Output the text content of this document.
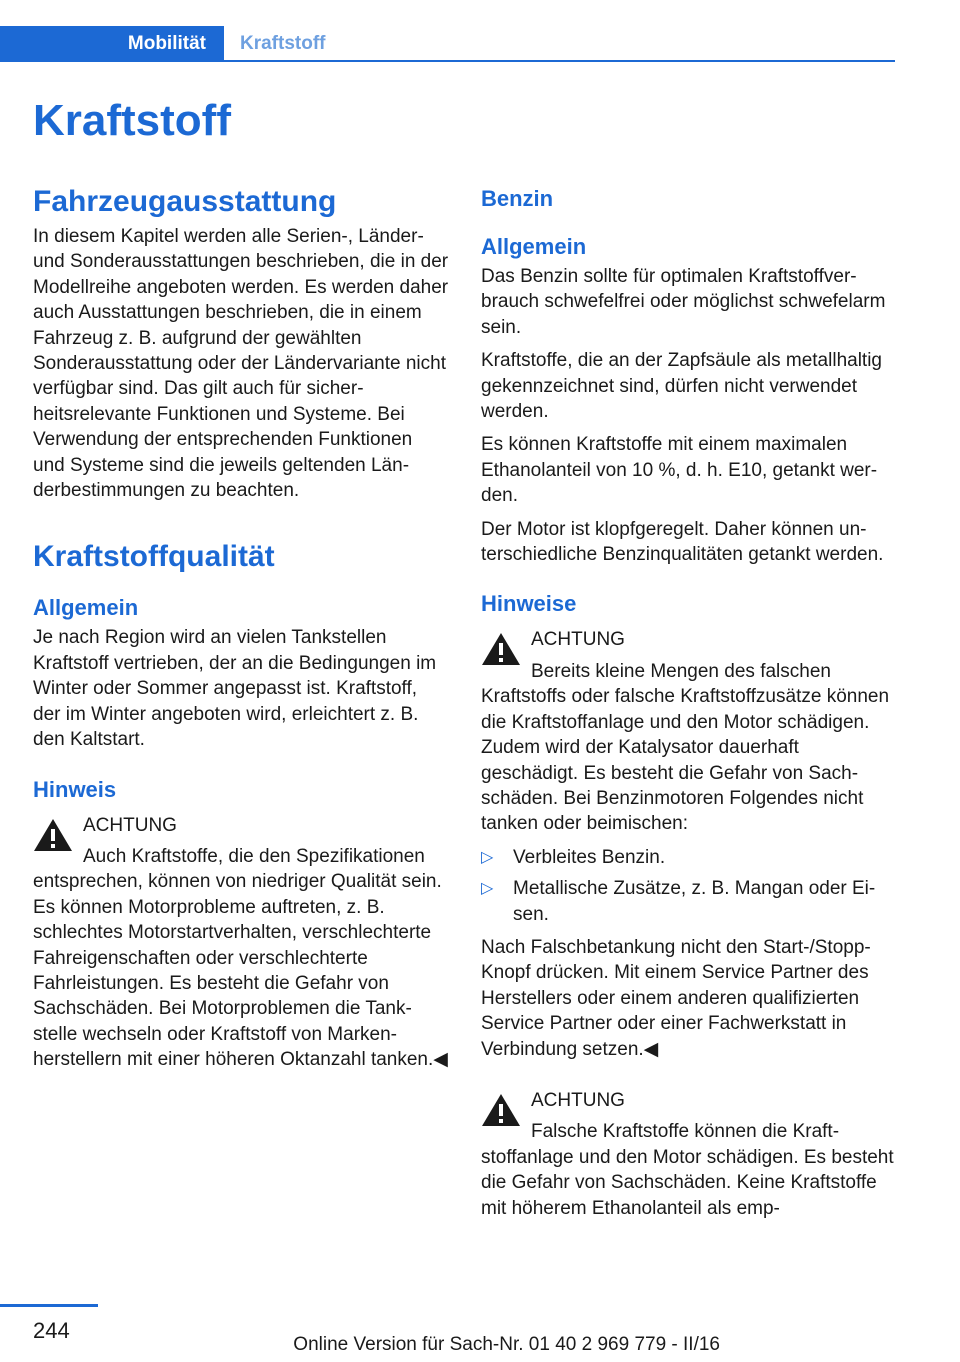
Mobilität	Kraftstoff
Kraftstoff
Fahrzeugausstattung

In diesem Kapitel werden alle Serien-, Länder- und Sonderausstattungen beschrieben, die in der Modellreihe angeboten werden. Es werden daher auch Ausstattungen beschrieben, die in einem Fahrzeug z. B. aufgrund der gewählten Sonderausstattung oder der Ländervariante nicht verfügbar sind. Das gilt auch für sicherheitsrelevante Funktionen und Systeme. Bei Verwendung der entsprechenden Funktionen und Systeme sind die jeweils geltenden Länderbestimmungen zu beachten.

Kraftstoffqualität
Allgemein

Je nach Region wird an vielen Tankstellen Kraftstoff vertrieben, der an die Bedingungen im Winter oder Sommer angepasst ist. Kraftstoff, der im Winter angeboten wird, erleichtert z. B. den Kaltstart.

Hinweis
ACHTUNG

Auch Kraftstoffe, die den Spezifikationen entsprechen, können von niedriger Qualität sein. Es können Motorprobleme auftreten, z. B. schlechtes Motorstartverhalten, verschlechterte Fahreigenschaften oder verschlechterte Fahrleistungen. Es besteht die Gefahr von Sachschäden. Bei Motorproblemen die Tankstelle wechseln oder Kraftstoff von Markenherstellern mit einer höheren Oktanzahl tanken.◀

Benzin
Allgemein

Das Benzin sollte für optimalen Kraftstoffverbrauch schwefelfrei oder möglichst schwefelarm sein.

Kraftstoffe, die an der Zapfsäule als metallhaltig gekennzeichnet sind, dürfen nicht verwendet werden.

Es können Kraftstoffe mit einem maximalen Ethanolanteil von 10 %, d. h. E10, getankt werden.

Der Motor ist klopfgeregelt. Daher können unterschiedliche Benzinqualitäten getankt werden.

Hinweise
ACHTUNG

Bereits kleine Mengen des falschen Kraftstoffs oder falsche Kraftstoffzusätze können die Kraftstoffanlage und den Motor schädigen. Zudem wird der Katalysator dauerhaft geschädigt. Es besteht die Gefahr von Sachschäden. Bei Benzinmotoren Folgendes nicht tanken oder beimischen:

▷ Verbleites Benzin.
▷ Metallische Zusätze, z. B. Mangan oder Eisen.

Nach Falschbetankung nicht den Start-/Stopp-Knopf drücken. Mit einem Service Partner des Herstellers oder einem anderen qualifizierten Service Partner oder einer Fachwerkstatt in Verbindung setzen.◀

ACHTUNG

Falsche Kraftstoffe können die Kraftstoffanlage und den Motor schädigen. Es besteht die Gefahr von Sachschäden. Keine Kraftstoffe mit höherem Ethanolanteil als emp-

244
Online Version für Sach-Nr. 01 40 2 969 779 - II/16
